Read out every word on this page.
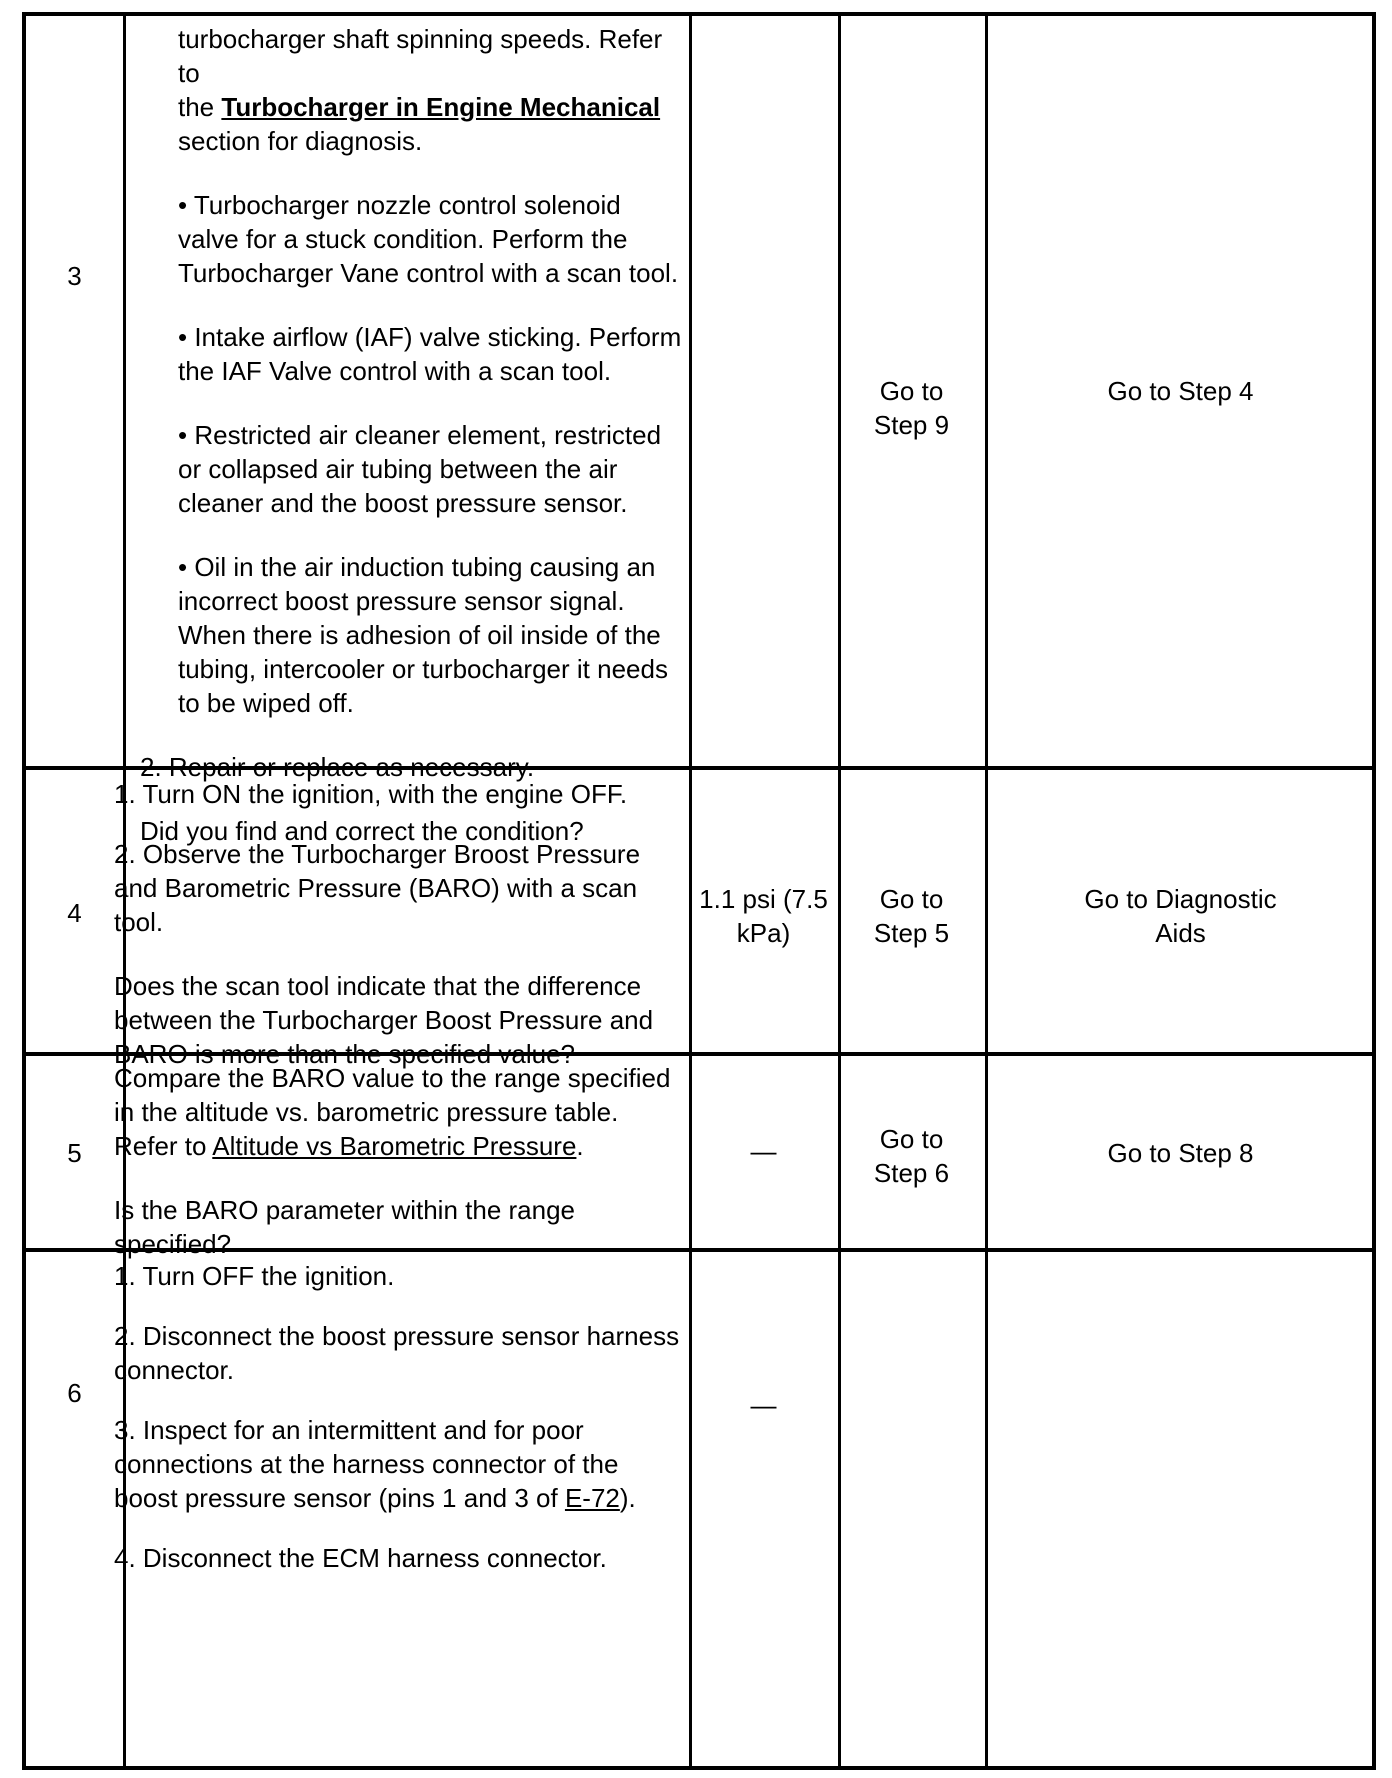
3

turbocharger shaft spinning speeds. Refer to

the Turbocharger in Engine Mechanical

section for diagnosis.

• Turbocharger nozzle control solenoid valve for a stuck condition. Perform the Turbocharger Vane control with a scan tool.

• Intake airflow (IAF) valve sticking. Perform the IAF Valve control with a scan tool.

• Restricted air cleaner element, restricted or collapsed air tubing between the air cleaner and the boost pressure sensor.

• Oil in the air induction tubing causing an incorrect boost pressure sensor signal. When there is adhesion of oil inside of the tubing, intercooler or turbocharger it needs to be wiped off.

2. Repair or replace as necessary.

Did you find and correct the condition?

Go to Step 9
Go to Step 4
4

1. Turn ON the ignition, with the engine OFF.

2. Observe the Turbocharger Broost Pressure and Barometric Pressure (BARO) with a scan tool.

Does the scan tool indicate that the difference between the Turbocharger Boost Pressure and BARO is more than the specified value?

1.1 psi (7.5 kPa)
Go to Step 5
Go to Diagnostic Aids
5

Compare the BARO value to the range specified in the altitude vs. barometric pressure table. Refer to Altitude vs Barometric Pressure.

Is the BARO parameter within the range specified?

—	Go to Step 6
Go to Step 8
6

1. Turn OFF the ignition.

2. Disconnect the boost pressure sensor harness connector.

3. Inspect for an intermittent and for poor connections at the harness connector of the boost pressure sensor (pins 1 and 3 of E-72).

4. Disconnect the ECM harness connector.

—
